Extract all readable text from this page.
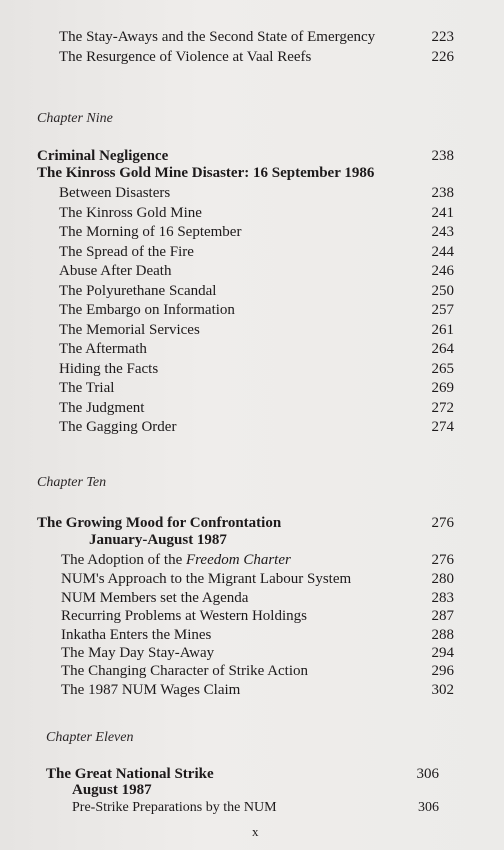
The Stay-Aways and the Second State of Emergency	223
The Resurgence of Violence at Vaal Reefs	226
Chapter Nine
Criminal Negligence	238
The Kinross Gold Mine Disaster: 16 September 1986
Between Disasters	238
The Kinross Gold Mine	241
The Morning of 16 September	243
The Spread of the Fire	244
Abuse After Death	246
The Polyurethane Scandal	250
The Embargo on Information	257
The Memorial Services	261
The Aftermath	264
Hiding the Facts	265
The Trial	269
The Judgment	272
The Gagging Order	274
Chapter Ten
The Growing Mood for Confrontation	276
January-August 1987
The Adoption of the Freedom Charter	276
NUM's Approach to the Migrant Labour System	280
NUM Members set the Agenda	283
Recurring Problems at Western Holdings	287
Inkatha Enters the Mines	288
The May Day Stay-Away	294
The Changing Character of Strike Action	296
The 1987 NUM Wages Claim	302
Chapter Eleven
The Great National Strike	306
August 1987
Pre-Strike Preparations by the NUM	306
x
